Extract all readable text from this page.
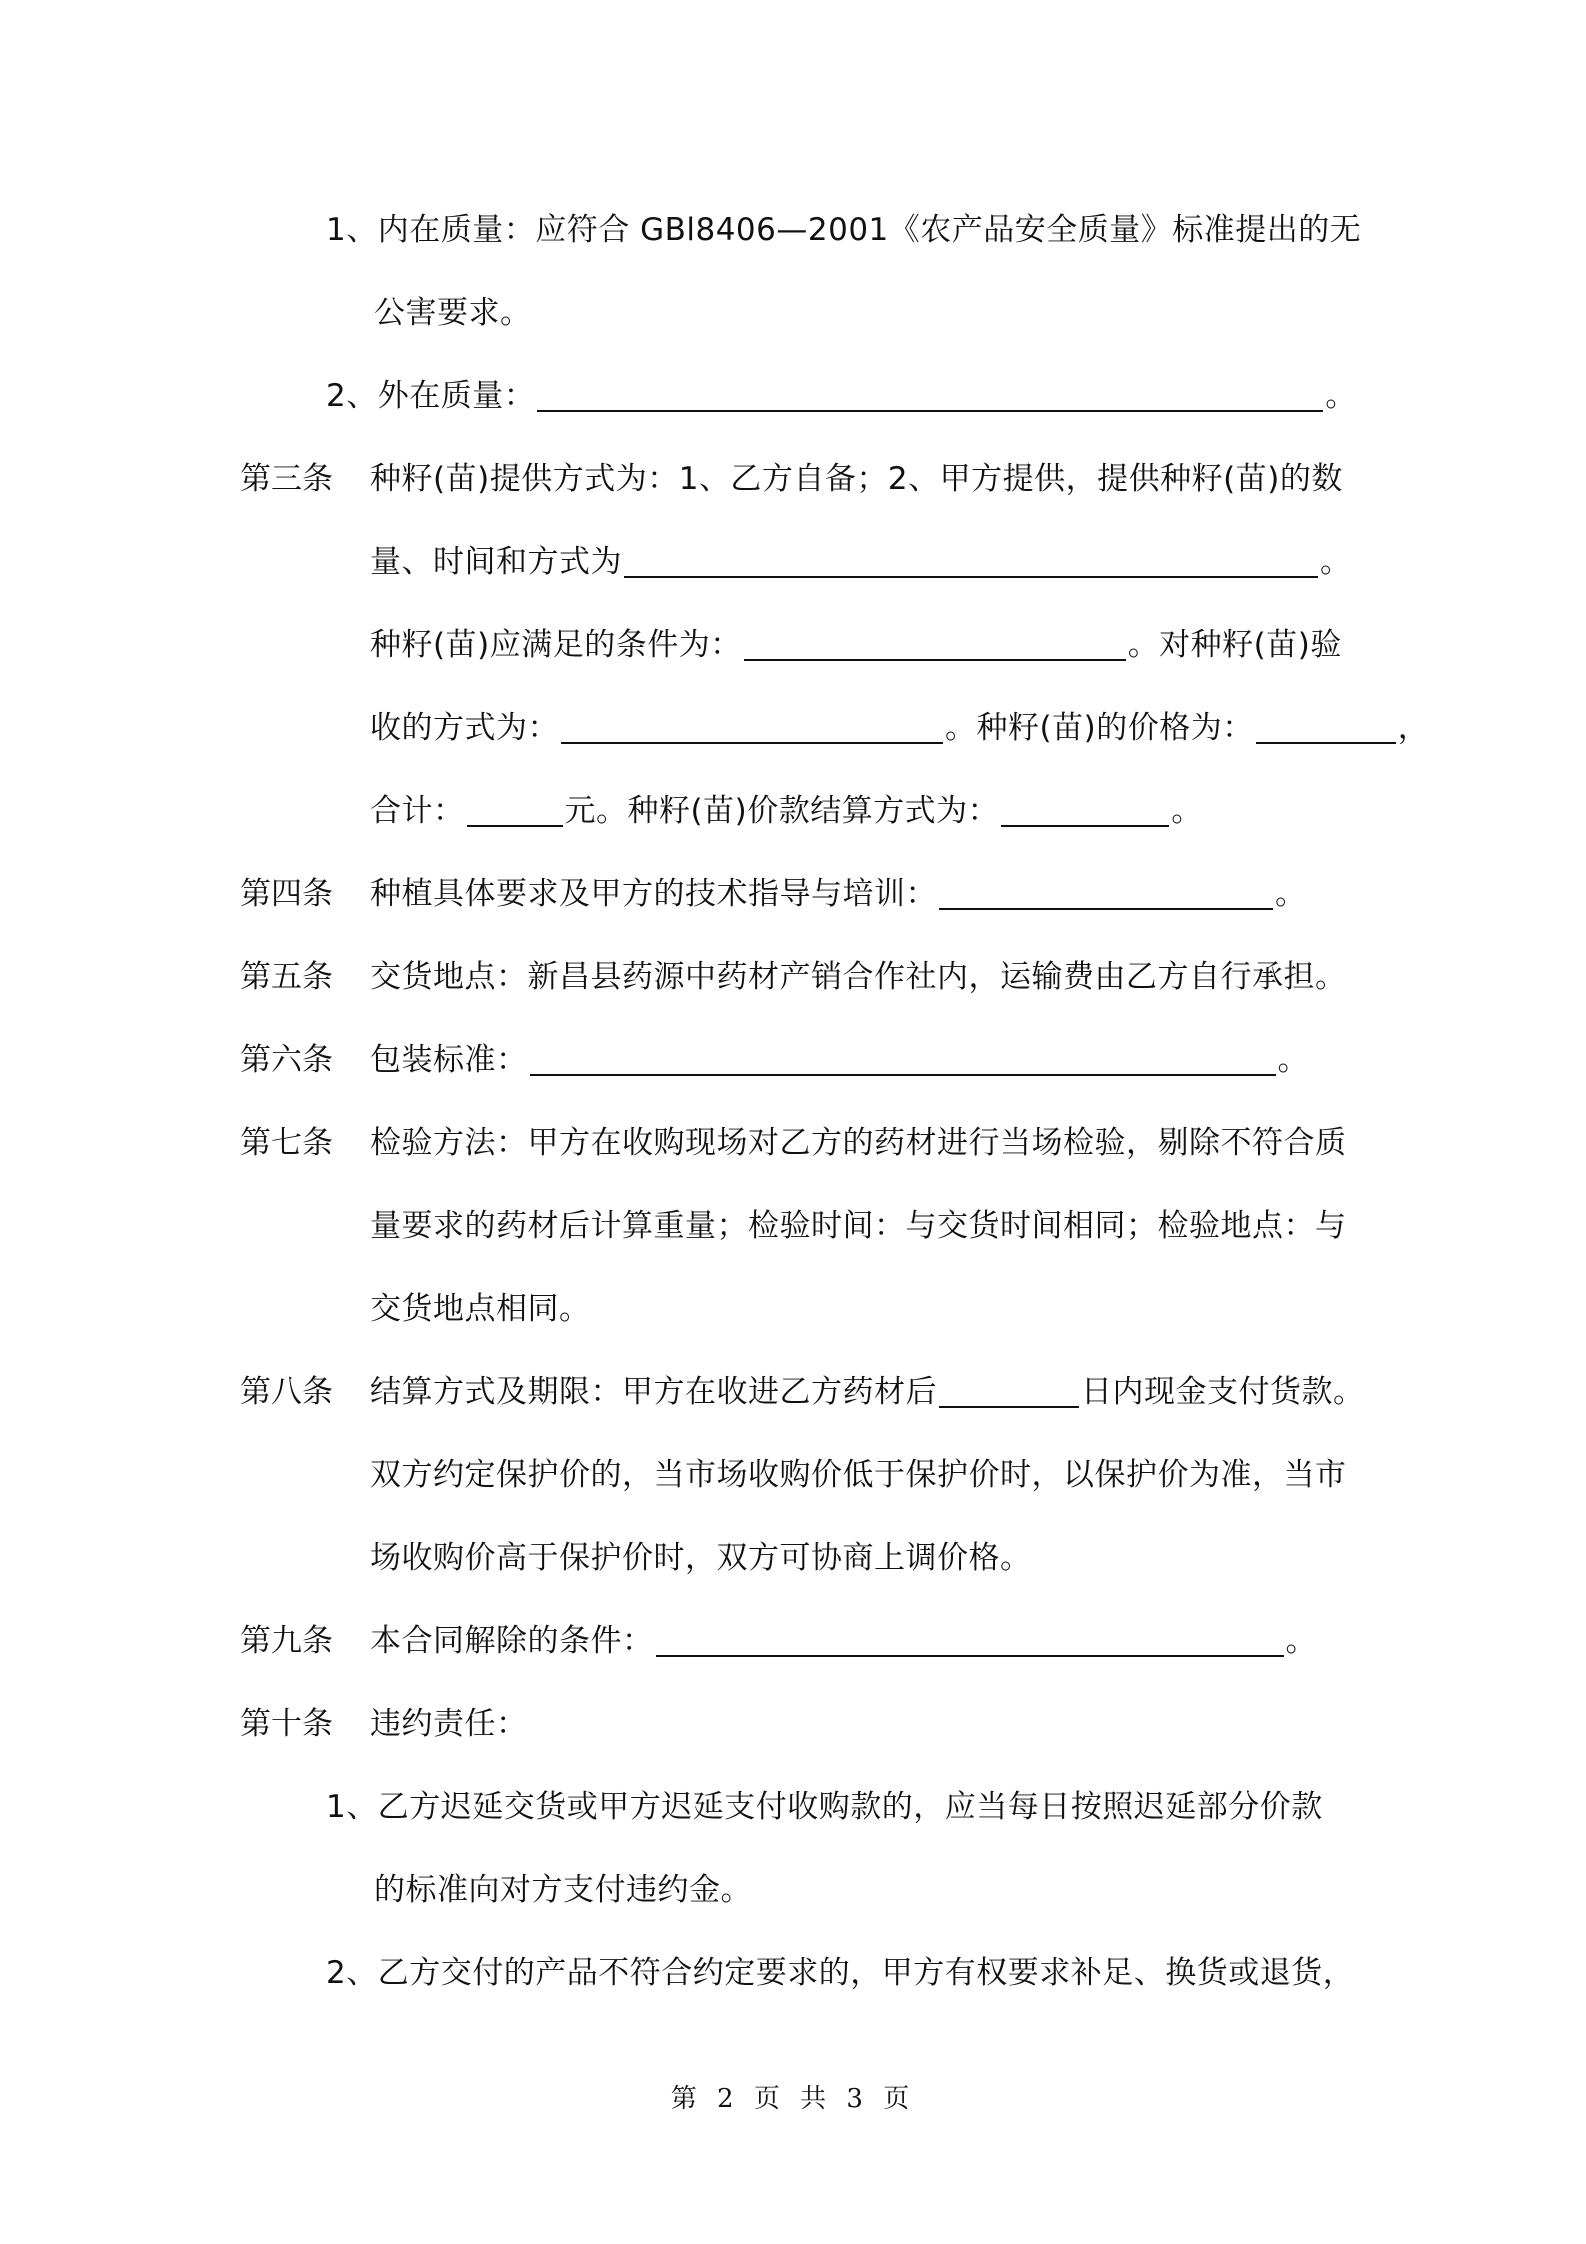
1、内在质量：应符合 GBl8406—2001《农产品安全质量》标准提出的无
公害要求。
2、外在质量：	。
第三条 种籽(苗)提供方式为：1、乙方自备；2、甲方提供，提供种籽(苗)的数
量、时间和方式为	。
种籽(苗)应满足的条件为：	。对种籽(苗)验
收的方式为：	。种籽(苗)的价格为：	，
合计：	元。种籽(苗)价款结算方式为：	。
第四条 种植具体要求及甲方的技术指导与培训：	。
第五条 交货地点：新昌县药源中药材产销合作社内，运输费由乙方自行承担。
第六条 包装标准：	。
第七条 检验方法：甲方在收购现场对乙方的药材进行当场检验，剔除不符合质
量要求的药材后计算重量；检验时间：与交货时间相同；检验地点：与
交货地点相同。
第八条 结算方式及期限：甲方在收进乙方药材后	日内现金支付货款。
双方约定保护价的，当市场收购价低于保护价时，以保护价为准，当市
场收购价高于保护价时，双方可协商上调价格。
第九条 本合同解除的条件：	。
第十条 违约责任：
1、乙方迟延交货或甲方迟延支付收购款的，应当每日按照迟延部分价款
的标准向对方支付违约金。
2、乙方交付的产品不符合约定要求的，甲方有权要求补足、换货或退货，
第 2 页 共 3 页
